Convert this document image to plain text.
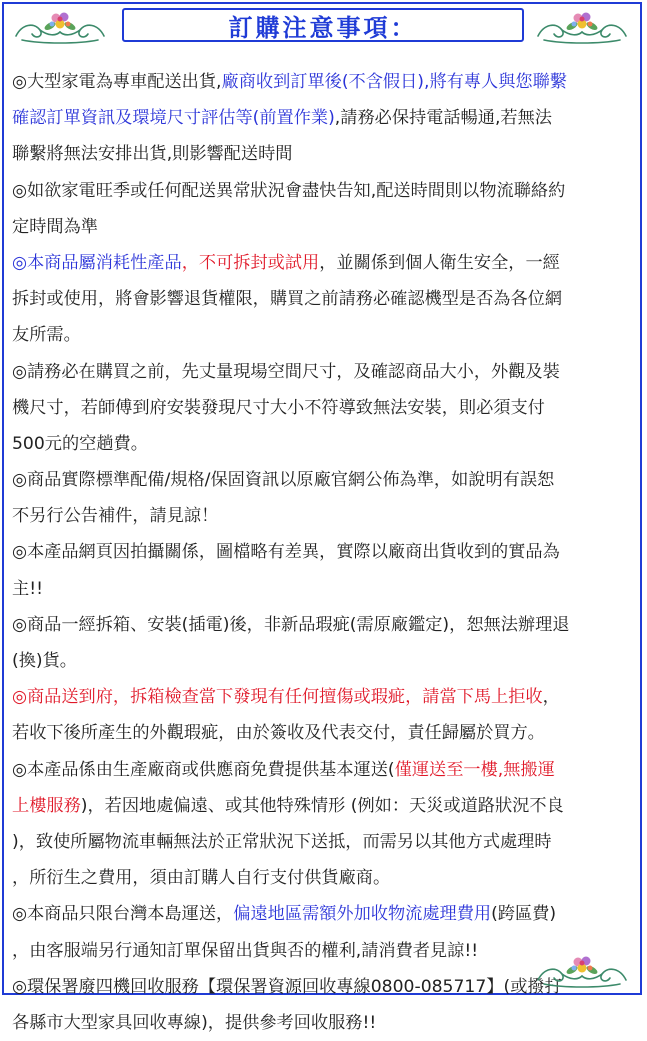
訂購注意事項：
◎大型家電為專車配送出貨,廠商收到訂單後(不含假日),將有專人與您聯繫
確認訂單資訊及環境尺寸評估等(前置作業),請務必保持電話暢通,若無法
聯繫將無法安排出貨,則影響配送時間
◎如欲家電旺季或任何配送異常狀況會盡快告知,配送時間則以物流聯絡約
定時間為準
◎本商品屬消耗性產品，不可拆封或試用，並關係到個人衛生安全，一經
拆封或使用，將會影響退貨權限，購買之前請務必確認機型是否為各位網
友所需。
◎請務必在購買之前，先丈量現場空間尺寸，及確認商品大小，外觀及裝
機尺寸，若師傅到府安裝發現尺寸大小不符導致無法安裝，則必須支付
500元的空趟費。
◎商品實際標準配備/規格/保固資訊以原廠官網公佈為準，如說明有誤恕
不另行公告補件，請見諒！
◎本產品網頁因拍攝關係，圖檔略有差異，實際以廠商出貨收到的實品為
主!!
◎商品一經拆箱、安裝(插電)後，非新品瑕疵(需原廠鑑定)，恕無法辦理退
(換)貨。
◎商品送到府，拆箱檢查當下發現有任何擅傷或瑕疵，請當下馬上拒收，
若收下後所產生的外觀瑕疵，由於簽收及代表交付，責任歸屬於買方。
◎本產品係由生產廠商或供應商免費提供基本運送(僅運送至一樓,無搬運
上樓服務)，若因地處偏遠、或其他特殊情形 (例如：天災或道路狀況不良
)，致使所屬物流車輛無法於正常狀況下送抵，而需另以其他方式處理時
，所衍生之費用，須由訂購人自行支付供貨廠商。
◎本商品只限台灣本島運送，偏遠地區需額外加收物流處理費用(跨區費)
，由客服端另行通知訂單保留出貨與否的權利,請消費者見諒!!
◎環保署廢四機回收服務【環保署資源回收專線0800-085717】(或撥打
各縣市大型家具回收專線)，提供參考回收服務!!
